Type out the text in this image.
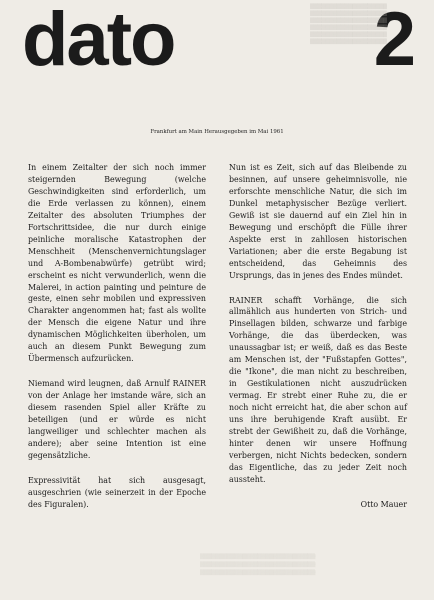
dato	2
▒▒▒▒▒▒▒▒▒▒▒▒▒▒▒▒▒▒▒▒
▒▒▒▒▒▒▒▒▒▒▒▒▒▒▒▒▒▒▒▒
▒▒▒▒▒▒▒▒▒▒▒▒▒▒▒▒▒▒▒▒
▒▒▒▒▒▒▒▒▒▒▒▒▒▒▒▒▒▒▒▒
▒▒▒▒▒▒▒▒▒▒▒▒▒▒▒▒▒▒▒▒
▒▒▒▒▒▒▒▒▒▒▒▒▒▒▒▒▒▒▒▒
Frankfurt am Main Herausgegeben im Mai 1961

In einem Zeitalter der sich noch immer steigernden Bewegung (welche Geschwindigkeiten sind erforderlich, um die Erde verlassen zu können), einem Zeitalter des absoluten Triumphes der Fortschrittsidee, die nur durch einige peinliche moralische Katastrophen der Menschheit (Menschenvernichtungslager und A-Bombenabwürfe) getrübt wird; erscheint es nicht verwunderlich, wenn die Malerei, in action painting und peinture de geste, einen sehr mobilen und expressiven Charakter angenommen hat; fast als wollte der Mensch die eigene Natur und ihre dynamischen Möglichkeiten überholen, um auch an diesem Punkt Bewegung zum Übermensch aufzurücken.

Niemand wird leugnen, daß Arnulf RAINER von der Anlage her imstande wäre, sich an diesem rasenden Spiel aller Kräfte zu beteiligen (und er würde es nicht langweiliger und schlechter machen als andere); aber seine Intention ist eine gegensätzliche.

Expressivität hat sich ausgesagt, ausgeschrien (wie seinerzeit in der Epoche des Figuralen).

Nun ist es Zeit, sich auf das Bleibende zu besinnen, auf unsere geheimnisvolle, nie erforschte menschliche Natur, die sich im Dunkel metaphysischer Bezüge verliert. Gewiß ist sie dauernd auf ein Ziel hin in Bewegung und erschöpft die Fülle ihrer Aspekte erst in zahllosen historischen Variationen; aber die erste Begabung ist entscheidend, das Geheimnis des Ursprungs, das in jenes des Endes mündet.

RAINER schafft Vorhänge, die sich allmählich aus hunderten von Strich- und Pinsellagen bilden, schwarze und farbige Vorhänge, die das überdecken, was unaussagbar ist; er weiß, daß es das Beste am Menschen ist, der "Fußstapfen Gottes", die "Ikone", die man nicht zu beschreiben, in Gestikulationen nicht auszudrücken vermag. Er strebt einer Ruhe zu, die er noch nicht erreicht hat, die aber schon auf uns ihre beruhigende Kraft ausübt. Er strebt der Gewißheit zu, daß die Vorhänge, hinter denen wir unsere Hoffnung verbergen, nicht Nichts bedecken, sondern das Eigentliche, das zu jeder Zeit noch aussteht.

Otto Mauer
▒▒▒▒▒▒▒▒▒▒▒▒▒▒▒▒▒▒▒▒▒▒▒▒▒▒▒▒▒▒
▒▒▒▒▒▒▒▒▒▒▒▒▒▒▒▒▒▒▒▒▒▒▒▒▒▒▒▒▒▒
▒▒▒▒▒▒▒▒▒▒▒▒▒▒▒▒▒▒▒▒▒▒▒▒▒▒▒▒▒▒
